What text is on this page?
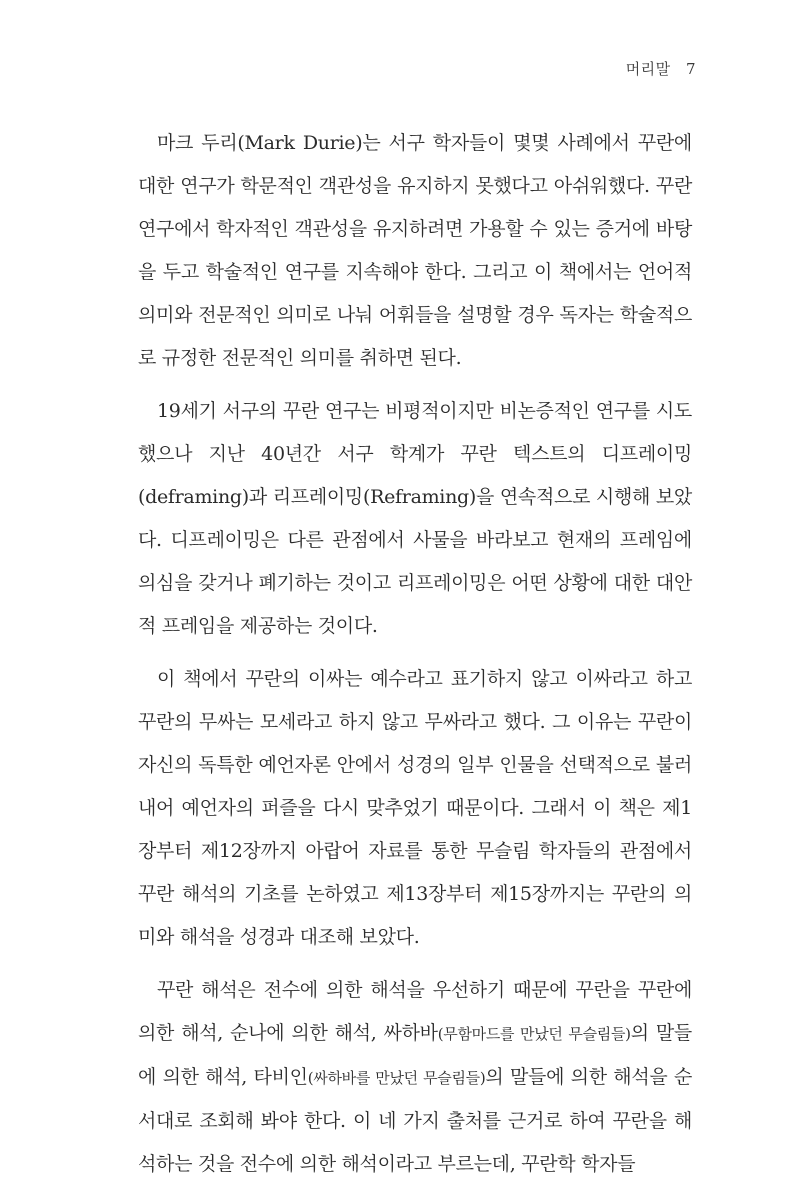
머리말 7

마크 두리(Mark Durie)는 서구 학자들이 몇몇 사례에서 꾸란에 대한 연구가 학문적인 객관성을 유지하지 못했다고 아쉬워했다. 꾸란 연구에서 학자적인 객관성을 유지하려면 가용할 수 있는 증거에 바탕을 두고 학술적인 연구를 지속해야 한다. 그리고 이 책에서는 언어적 의미와 전문적인 의미로 나눠 어휘들을 설명할 경우 독자는 학술적으로 규정한 전문적인 의미를 취하면 된다.

19세기 서구의 꾸란 연구는 비평적이지만 비논증적인 연구를 시도했으나 지난 40년간 서구 학계가 꾸란 텍스트의 디프레이밍(deframing)과 리프레이밍(Reframing)을 연속적으로 시행해 보았다. 디프레이밍은 다른 관점에서 사물을 바라보고 현재의 프레임에 의심을 갖거나 폐기하는 것이고 리프레이밍은 어떤 상황에 대한 대안적 프레임을 제공하는 것이다.

이 책에서 꾸란의 이싸는 예수라고 표기하지 않고 이싸라고 하고 꾸란의 무싸는 모세라고 하지 않고 무싸라고 했다. 그 이유는 꾸란이 자신의 독특한 예언자론 안에서 성경의 일부 인물을 선택적으로 불러내어 예언자의 퍼즐을 다시 맞추었기 때문이다. 그래서 이 책은 제1장부터 제12장까지 아랍어 자료를 통한 무슬림 학자들의 관점에서 꾸란 해석의 기초를 논하였고 제13장부터 제15장까지는 꾸란의 의미와 해석을 성경과 대조해 보았다.

꾸란 해석은 전수에 의한 해석을 우선하기 때문에 꾸란을 꾸란에 의한 해석, 순나에 의한 해석, 싸하바(무함마드를 만났던 무슬림들)의 말들에 의한 해석, 타비인(싸하바를 만났던 무슬림들)의 말들에 의한 해석을 순서대로 조회해 봐야 한다. 이 네 가지 출처를 근거로 하여 꾸란을 해석하는 것을 전수에 의한 해석이라고 부르는데, 꾸란학 학자들
